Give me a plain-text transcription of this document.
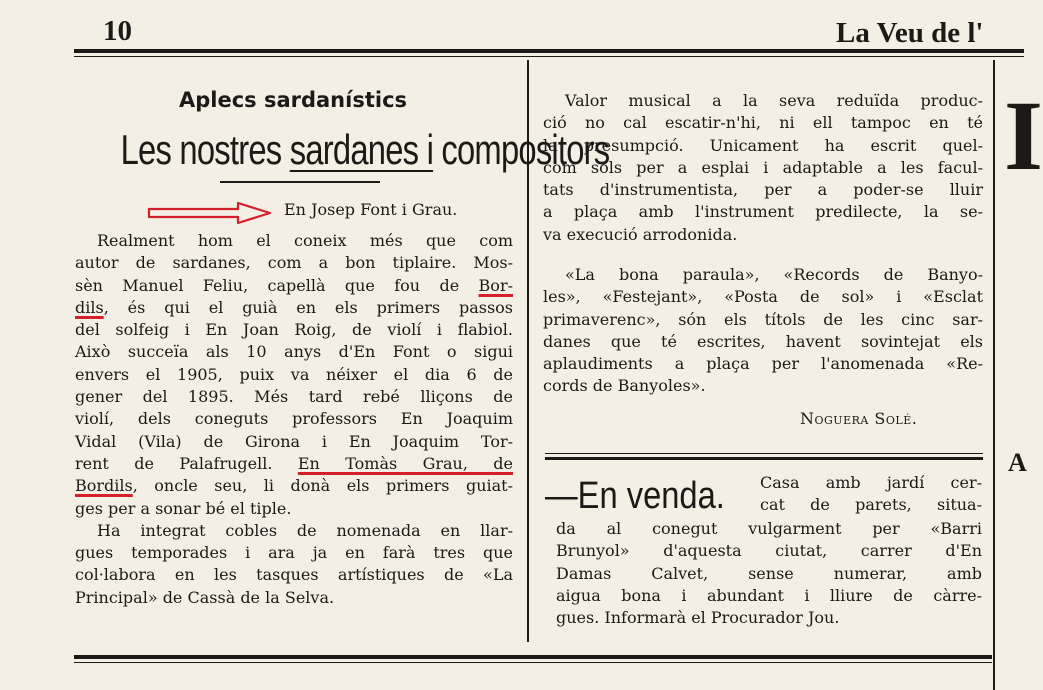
10	La Veu de l'
Aplecs sardanístics
Les nostres sardanes i compositors
En Josep Font i Grau.
Realment hom el coneix més que com
autor de sardanes, com a bon tiplaire. Mos-
sèn Manuel Feliu, capellà que fou de Bor-
dils, és qui el guià en els primers passos
del solfeig i En Joan Roig, de violí i flabiol.
Això succeïa als 10 anys d'En Font o sigui
envers el 1905, puix va néixer el dia 6 de
gener del 1895. Més tard rebé lliçons de
violí, dels coneguts professors En Joaquim
Vidal (Vila) de Girona i En Joaquim Tor-
rent de Palafrugell. En Tomàs Grau, de
Bordils, oncle seu, li donà els primers guiat-
ges per a sonar bé el tiple.
Ha integrat cobles de nomenada en llar-
gues temporades i ara ja en farà tres que
col·labora en les tasques artístiques de «La
Principal» de Cassà de la Selva.
Valor musical a la seva reduïda produc-
ció no cal escatir-n'hi, ni ell tampoc en té
la presumpció. Unicament ha escrit quel-
com sols per a esplai i adaptable a les facul-
tats d'instrumentista, per a poder-se lluir
a plaça amb l'instrument predilecte, la se-
va execució arrodonida.
«La bona paraula», «Records de Banyo-
les», «Festejant», «Posta de sol» i «Esclat
primaverenc», són els títols de les cinc sar-
danes que té escrites, havent sovintejat els
aplaudiments a plaça per l'anomenada «Re-
cords de Banyoles».
Noguera Solé.
—En venda. Casa amb jardí cer-
cat de parets, situa-
da al conegut vulgarment per «Barri
Brunyol» d'aquesta ciutat, carrer d'En
Damas Calvet, sense numerar, amb
aigua bona i abundant i lliure de càrre-
gues. Informarà el Procurador Jou.
I
A
